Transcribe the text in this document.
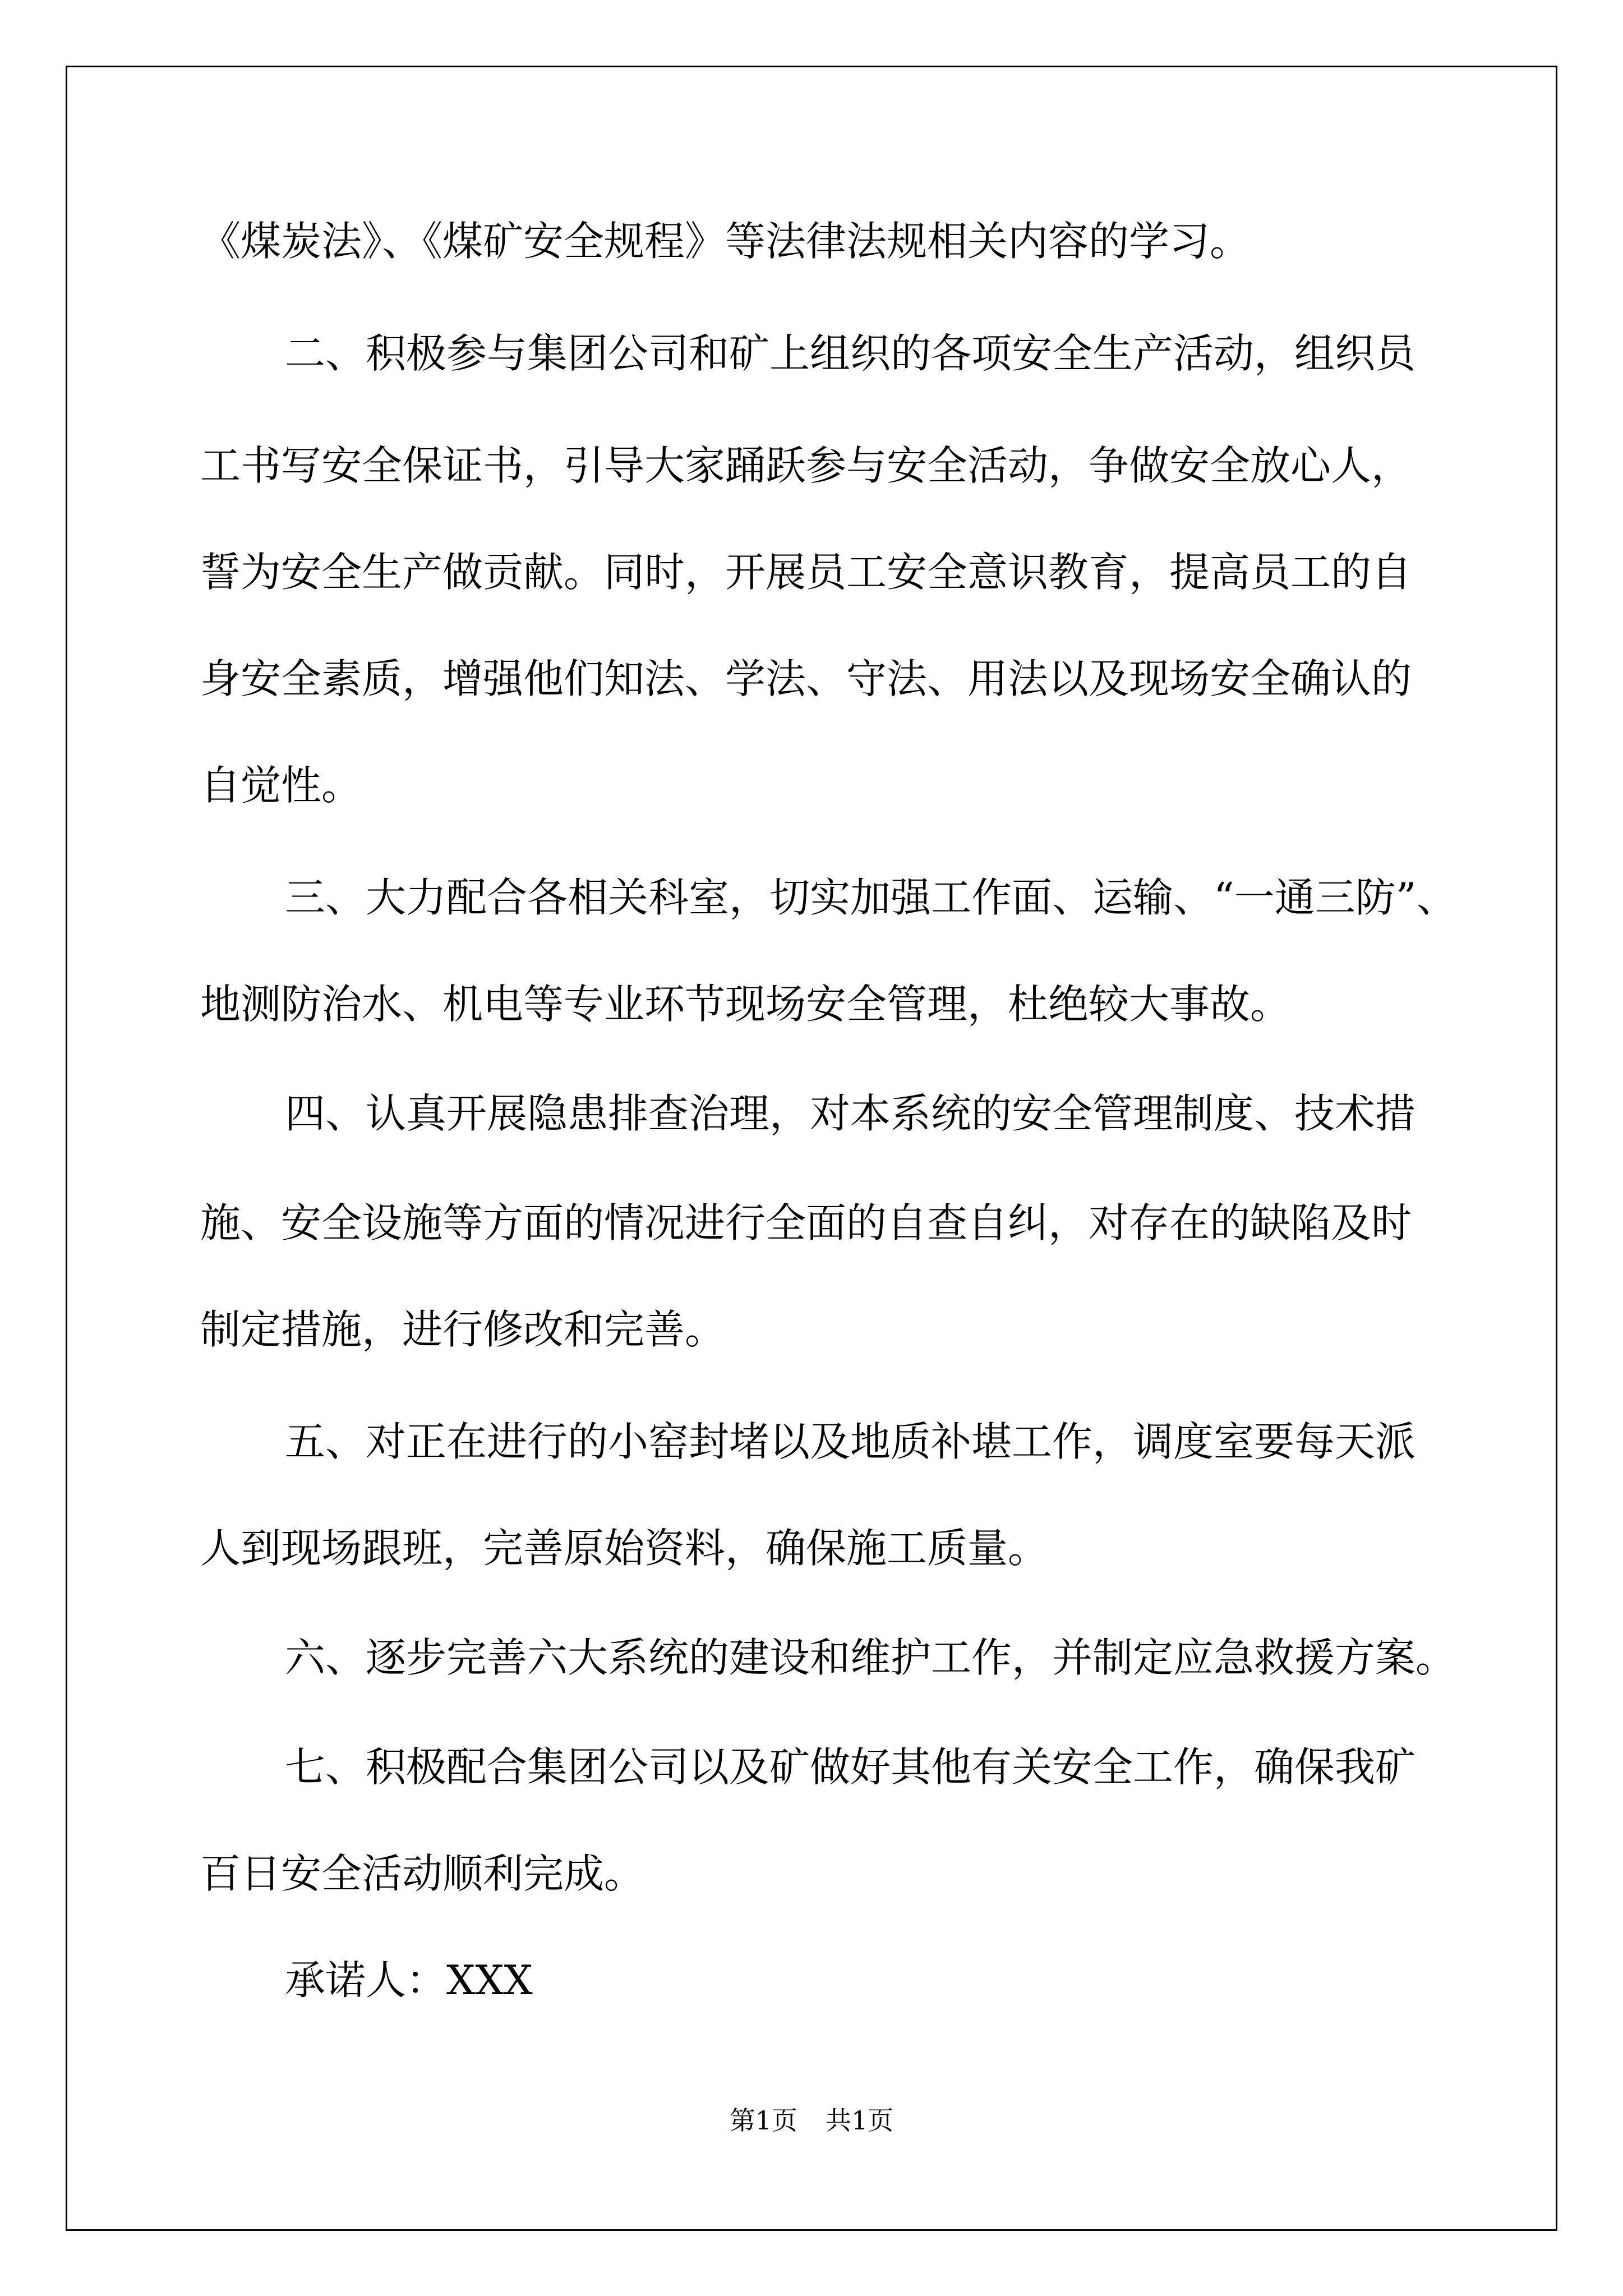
《煤炭法》、《煤矿安全规程》等法律法规相关内容的学习。
二、积极参与集团公司和矿上组织的各项安全生产活动，组织员
工书写安全保证书，引导大家踊跃参与安全活动，争做安全放心人，
誓为安全生产做贡献。同时，开展员工安全意识教育，提高员工的自
身安全素质，增强他们知法、学法、守法、用法以及现场安全确认的
自觉性。
三、大力配合各相关科室，切实加强工作面、运输、“一通三防”、
地测防治水、机电等专业环节现场安全管理，杜绝较大事故。
四、认真开展隐患排查治理，对本系统的安全管理制度、技术措
施、安全设施等方面的情况进行全面的自查自纠，对存在的缺陷及时
制定措施，进行修改和完善。
五、对正在进行的小窑封堵以及地质补堪工作，调度室要每天派
人到现场跟班，完善原始资料，确保施工质量。
六、逐步完善六大系统的建设和维护工作，并制定应急救援方案。
七、积极配合集团公司以及矿做好其他有关安全工作，确保我矿
百日安全活动顺利完成。
承诺人：XXX
第1页 共1页
